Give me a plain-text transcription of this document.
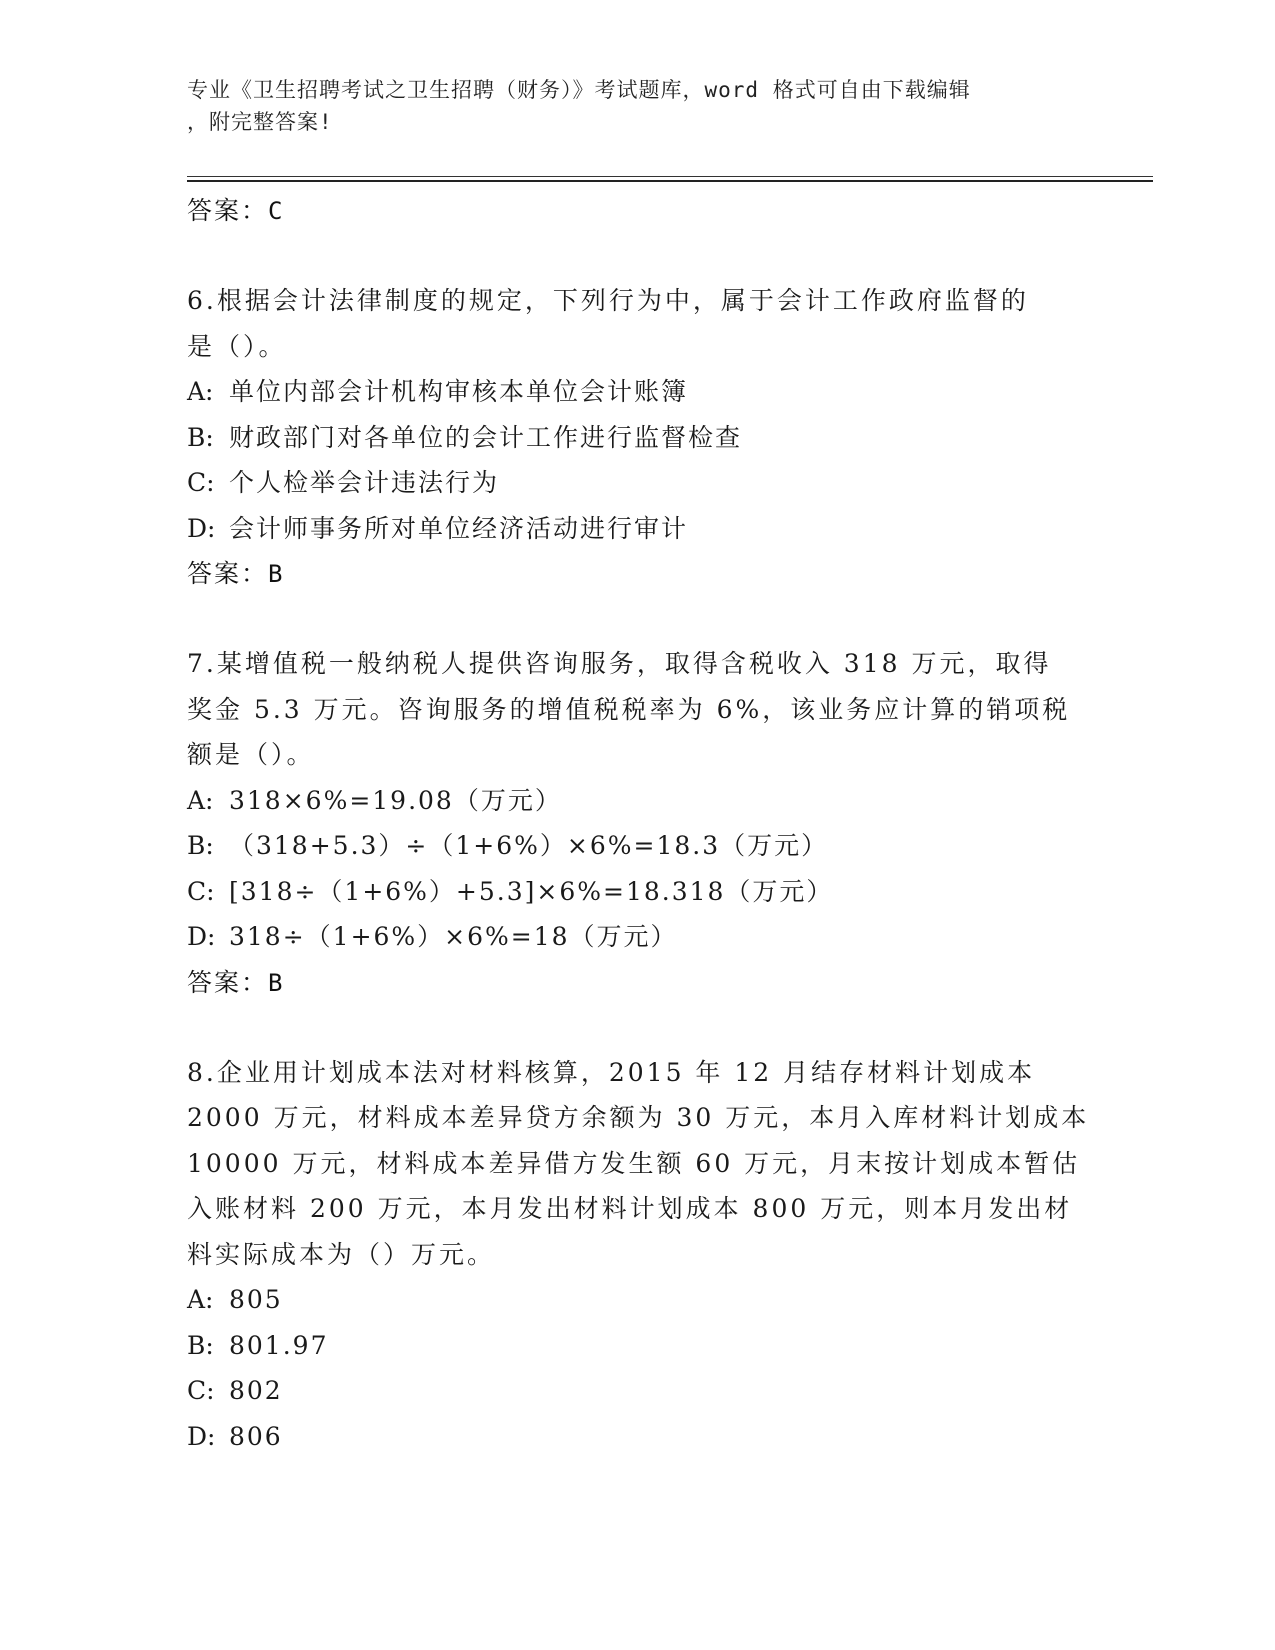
专业《卫生招聘考试之卫生招聘（财务）》考试题库，word 格式可自由下载编辑
，附完整答案!
答案：C
6.根据会计法律制度的规定，下列行为中，属于会计工作政府监督的
是（）。
A: 单位内部会计机构审核本单位会计账簿
B: 财政部门对各单位的会计工作进行监督检查
C: 个人检举会计违法行为
D: 会计师事务所对单位经济活动进行审计
答案：B
7.某增值税一般纳税人提供咨询服务，取得含税收入 318 万元，取得
奖金 5.3 万元。咨询服务的增值税税率为 6%，该业务应计算的销项税
额是（）。
A: 318×6%=19.08（万元）
B: （318+5.3）÷（1+6%）×6%=18.3（万元）
C: [318÷（1+6%）+5.3]×6%=18.318（万元）
D: 318÷（1+6%）×6%=18（万元）
答案：B
8.企业用计划成本法对材料核算，2015 年 12 月结存材料计划成本
2000 万元，材料成本差异贷方余额为 30 万元，本月入库材料计划成本
10000 万元，材料成本差异借方发生额 60 万元，月末按计划成本暂估
入账材料 200 万元，本月发出材料计划成本 800 万元，则本月发出材
料实际成本为（）万元。
A: 805
B: 801.97
C: 802
D: 806
